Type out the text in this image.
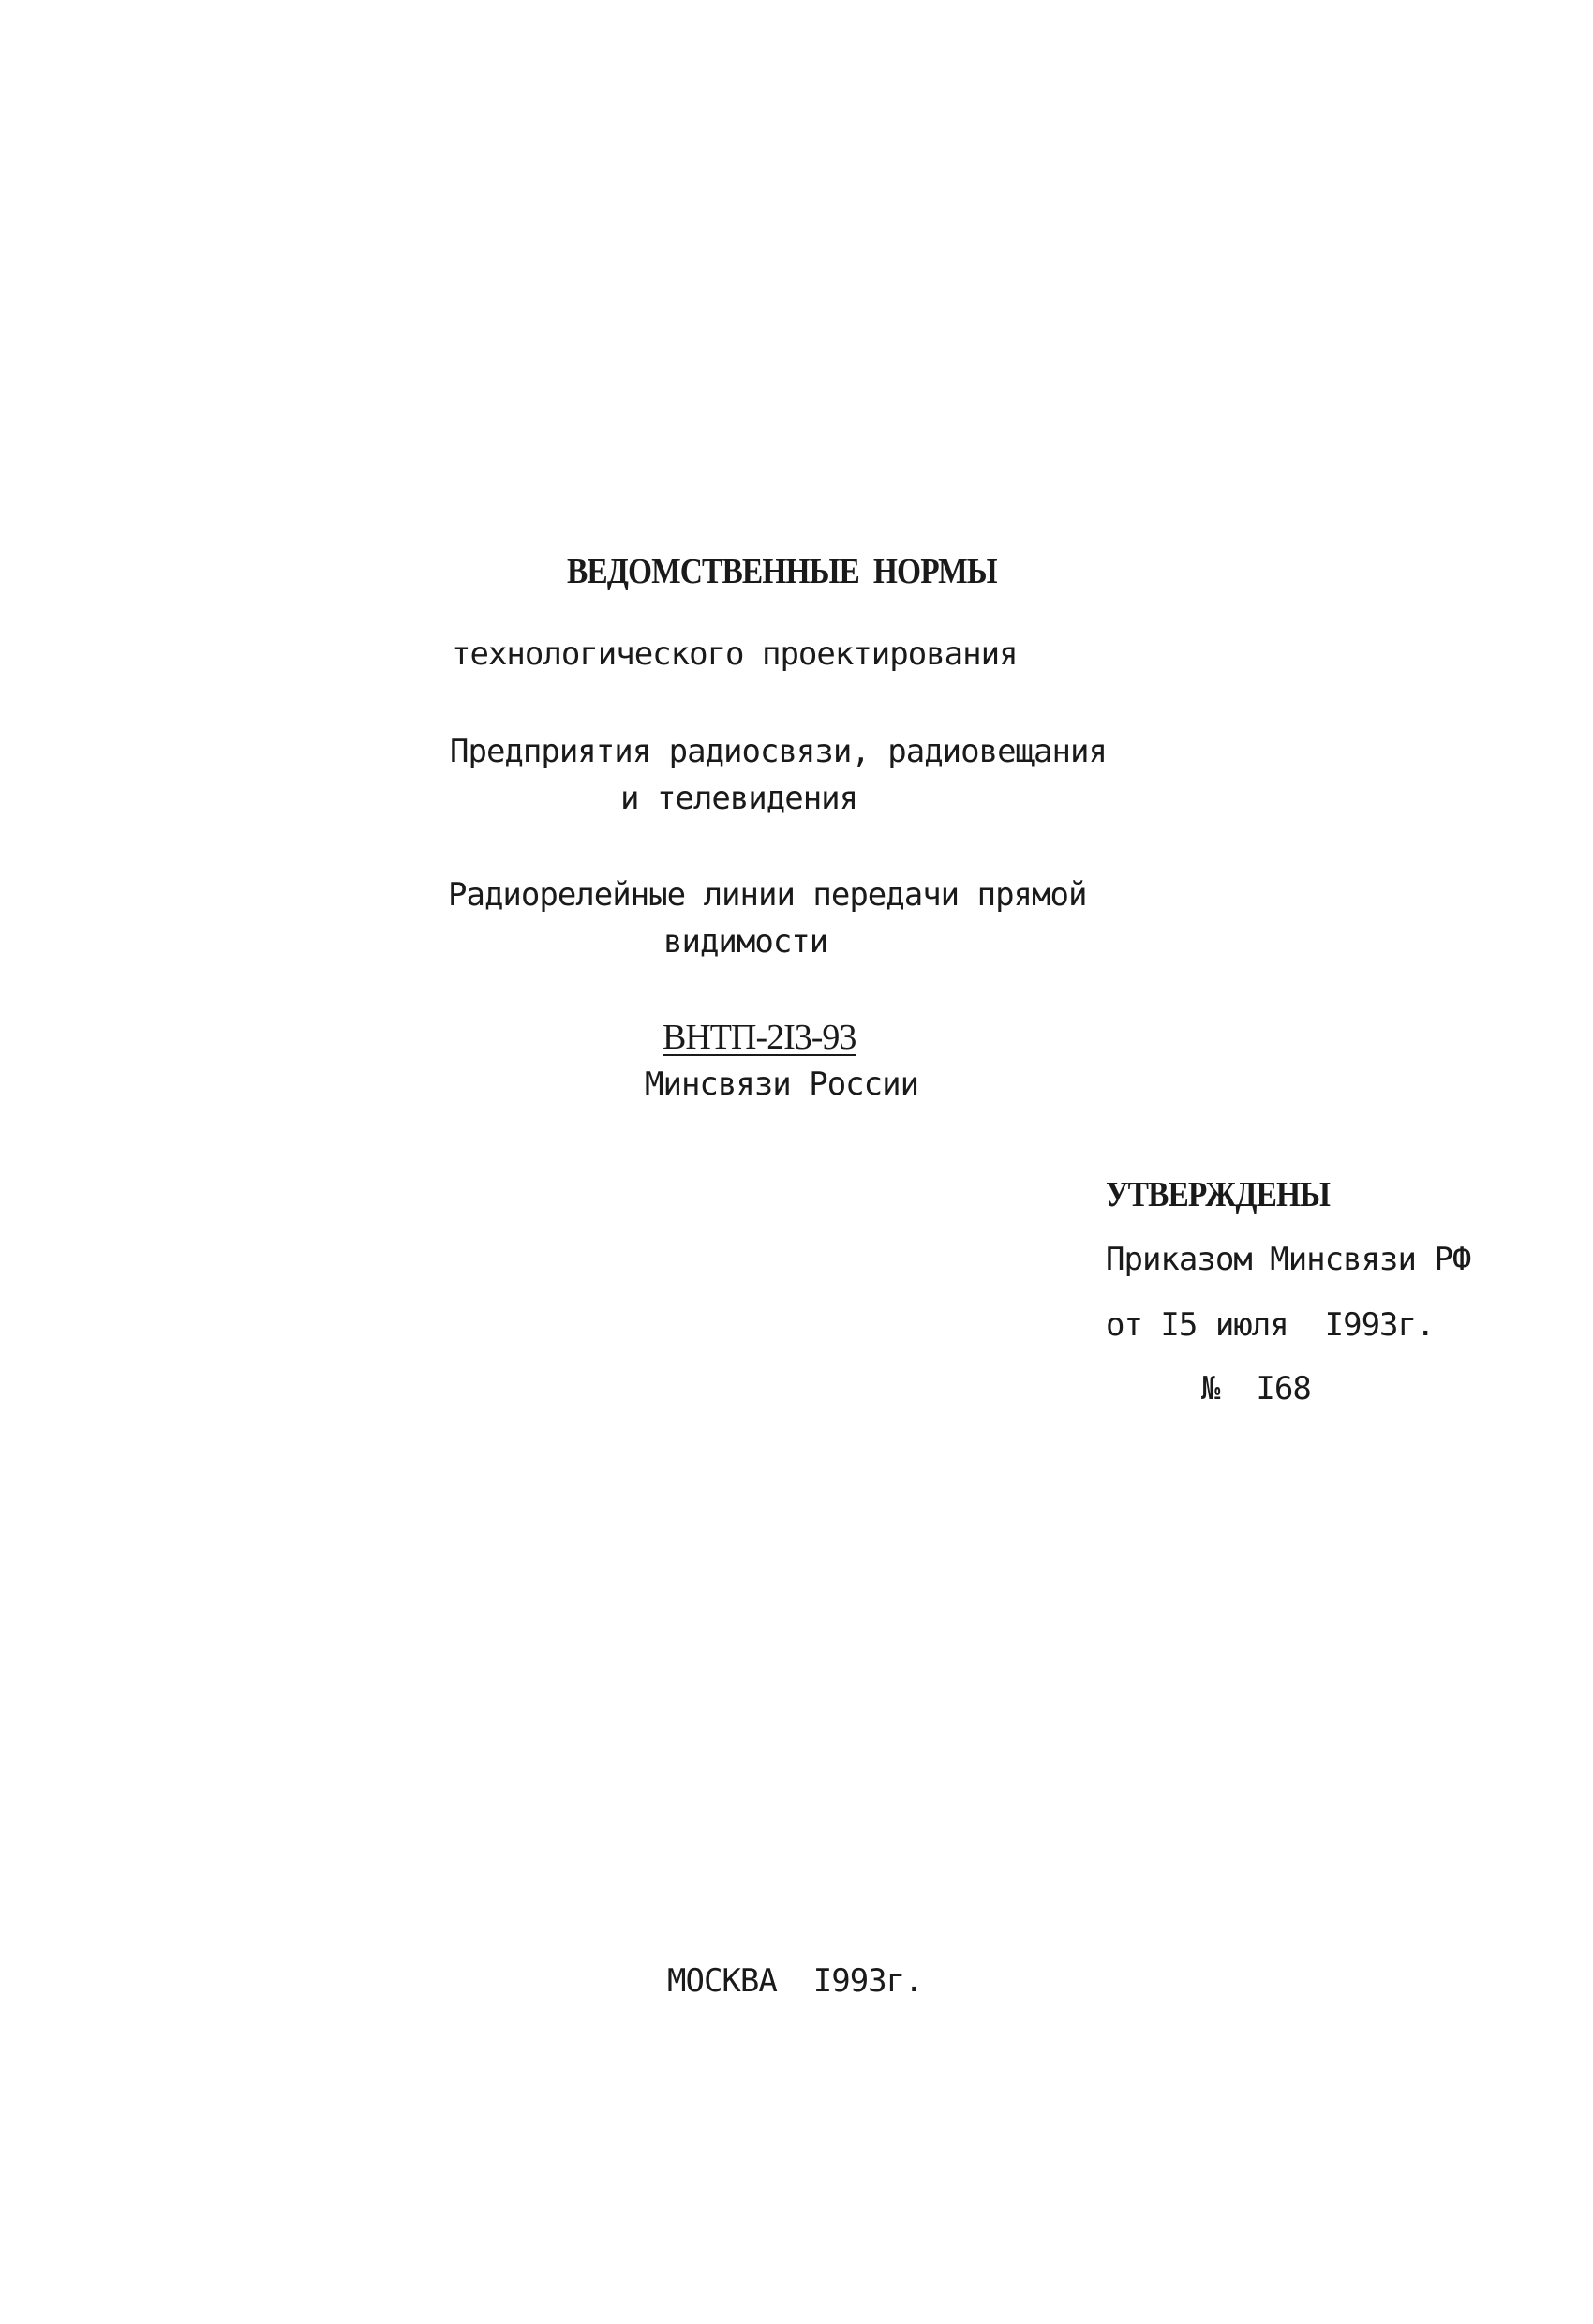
ВЕДОМСТВЕННЫЕ  НОРМЫ
технологического проектирования
Предприятия радиосвязи, радиовещания
и телевидения
Радиорелейные линии передачи прямой
видимости
ВНТП-2I3-93
Минсвязи России
УТВЕРЖДЕНЫ
Приказом Минсвязи РФ
от I5 июля  I993г.
№  I68
МОСКВА  I993г.
